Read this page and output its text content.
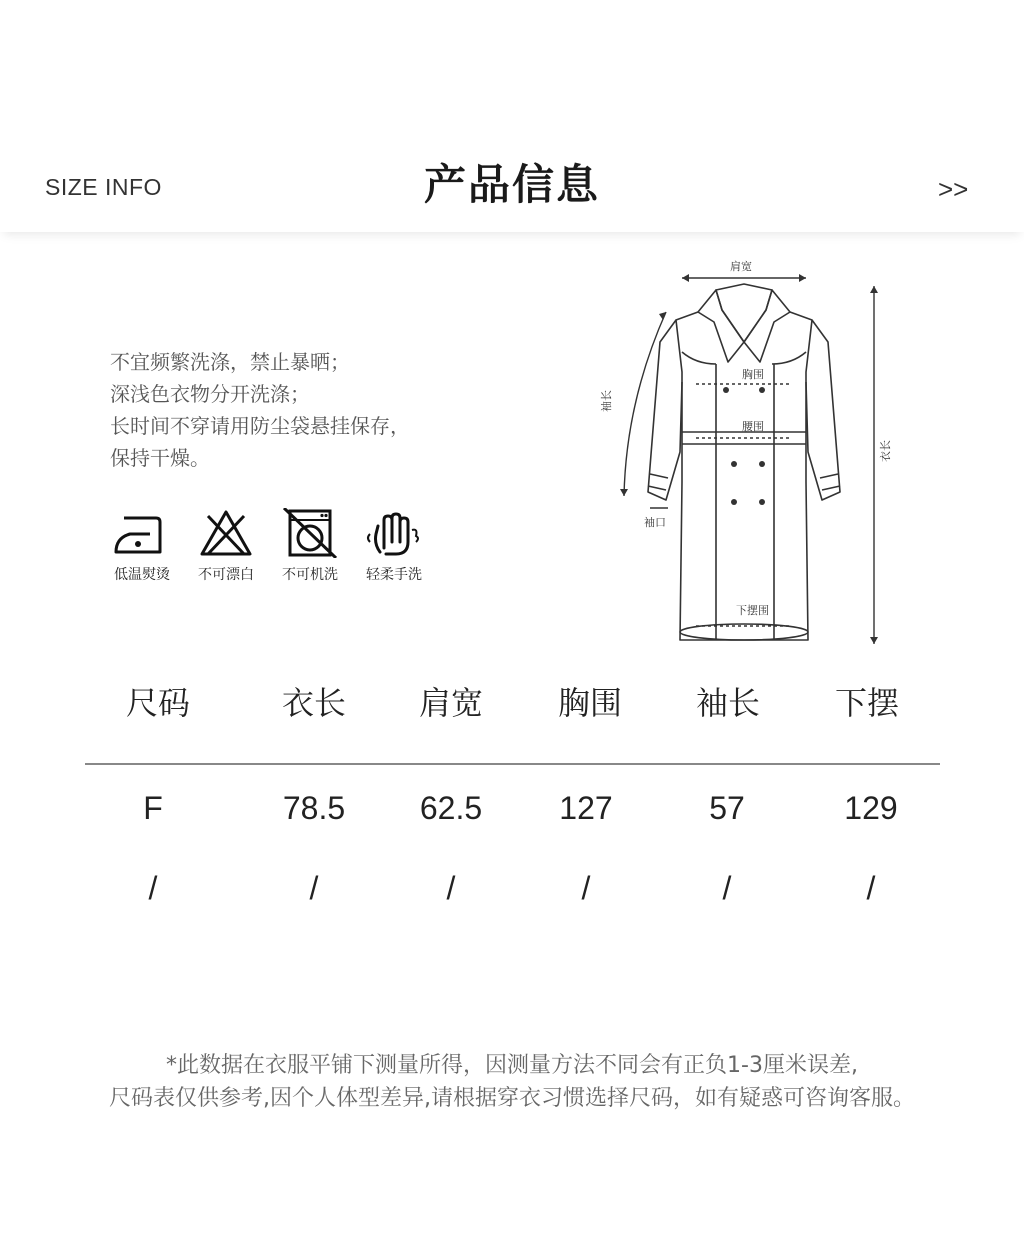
SIZE INFO	产品信息	>>
不宜频繁洗涤，禁止暴晒；
深浅色衣物分开洗涤；
长时间不穿请用防尘袋悬挂保存，
保持干燥。
低温熨烫	不可漂白	不可机洗	轻柔手洗
肩宽
胸围
腰围
袖口
下摆围
袖长
衣长
尺码	衣长	肩宽	胸围	袖长	下摆
F	78.5	62.5	127	57	129
/	/	/	/	/	/
*此数据在衣服平铺下测量所得，因测量方法不同会有正负1-3厘米误差,
尺码表仅供参考,因个人体型差异,请根据穿衣习惯选择尺码，如有疑惑可咨询客服。
